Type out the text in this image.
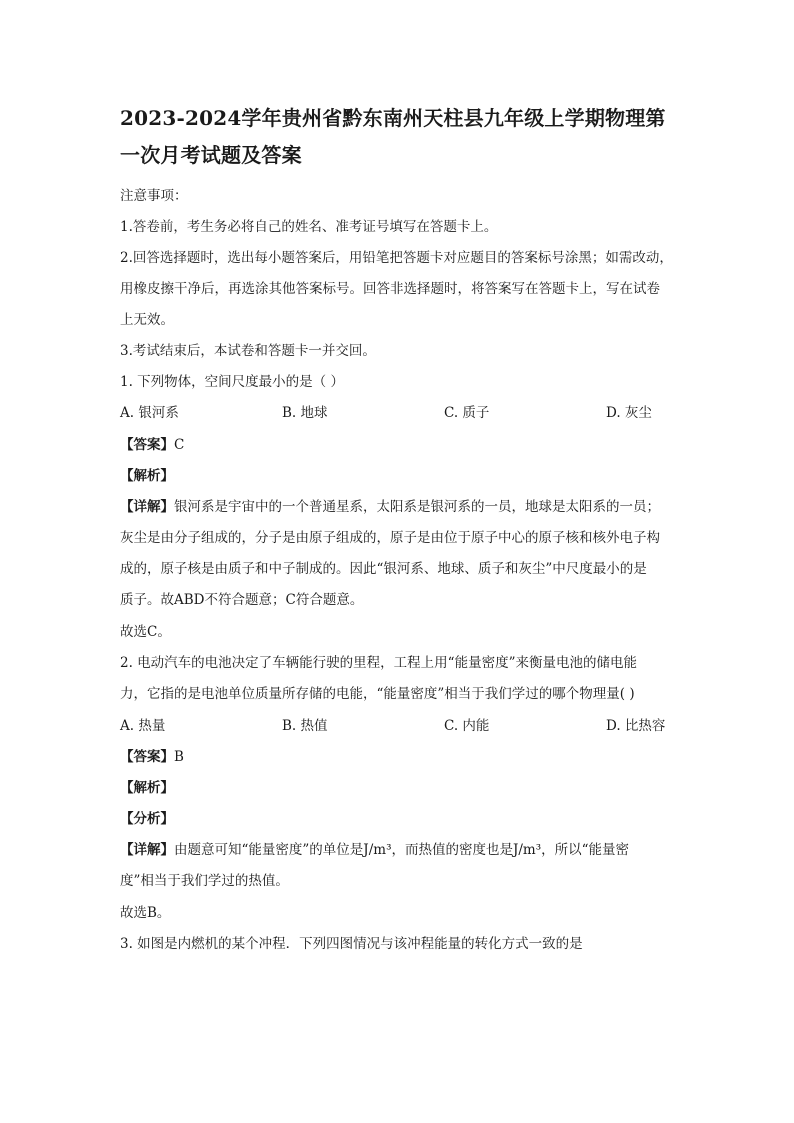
2023-2024学年贵州省黔东南州天柱县九年级上学期物理第
一次月考试题及答案
注意事项：
1.答卷前，考生务必将自己的姓名、准考证号填写在答题卡上。
2.回答选择题时，选出每小题答案后，用铅笔把答题卡对应题目的答案标号涂黑；如需改动，
用橡皮擦干净后，再选涂其他答案标号。回答非选择题时，将答案写在答题卡上，写在试卷
上无效。
3.考试结束后，本试卷和答题卡一并交回。
1. 下列物体，空间尺度最小的是（ ）
A. 银河系	B. 地球	C. 质子	D. 灰尘
【答案】C
【解析】
【详解】银河系是宇宙中的一个普通星系，太阳系是银河系的一员，地球是太阳系的一员；
灰尘是由分子组成的，分子是由原子组成的，原子是由位于原子中心的原子核和核外电子构
成的，原子核是由质子和中子制成的。因此“银河系、地球、质子和灰尘”中尺度最小的是
质子。故ABD不符合题意；C符合题意。
故选C。
2. 电动汽车的电池决定了车辆能行驶的里程，工程上用“能量密度”来衡量电池的储电能
力，它指的是电池单位质量所存储的电能，“能量密度”相当于我们学过的哪个物理量( )
A. 热量	B. 热值	C. 内能	D. 比热容
【答案】B
【解析】
【分析】
【详解】由题意可知“能量密度”的单位是J/m³，而热值的密度也是J/m³，所以“能量密
度”相当于我们学过的热值。
故选B。
3. 如图是内燃机的某个冲程．下列四图情况与该冲程能量的转化方式一致的是
